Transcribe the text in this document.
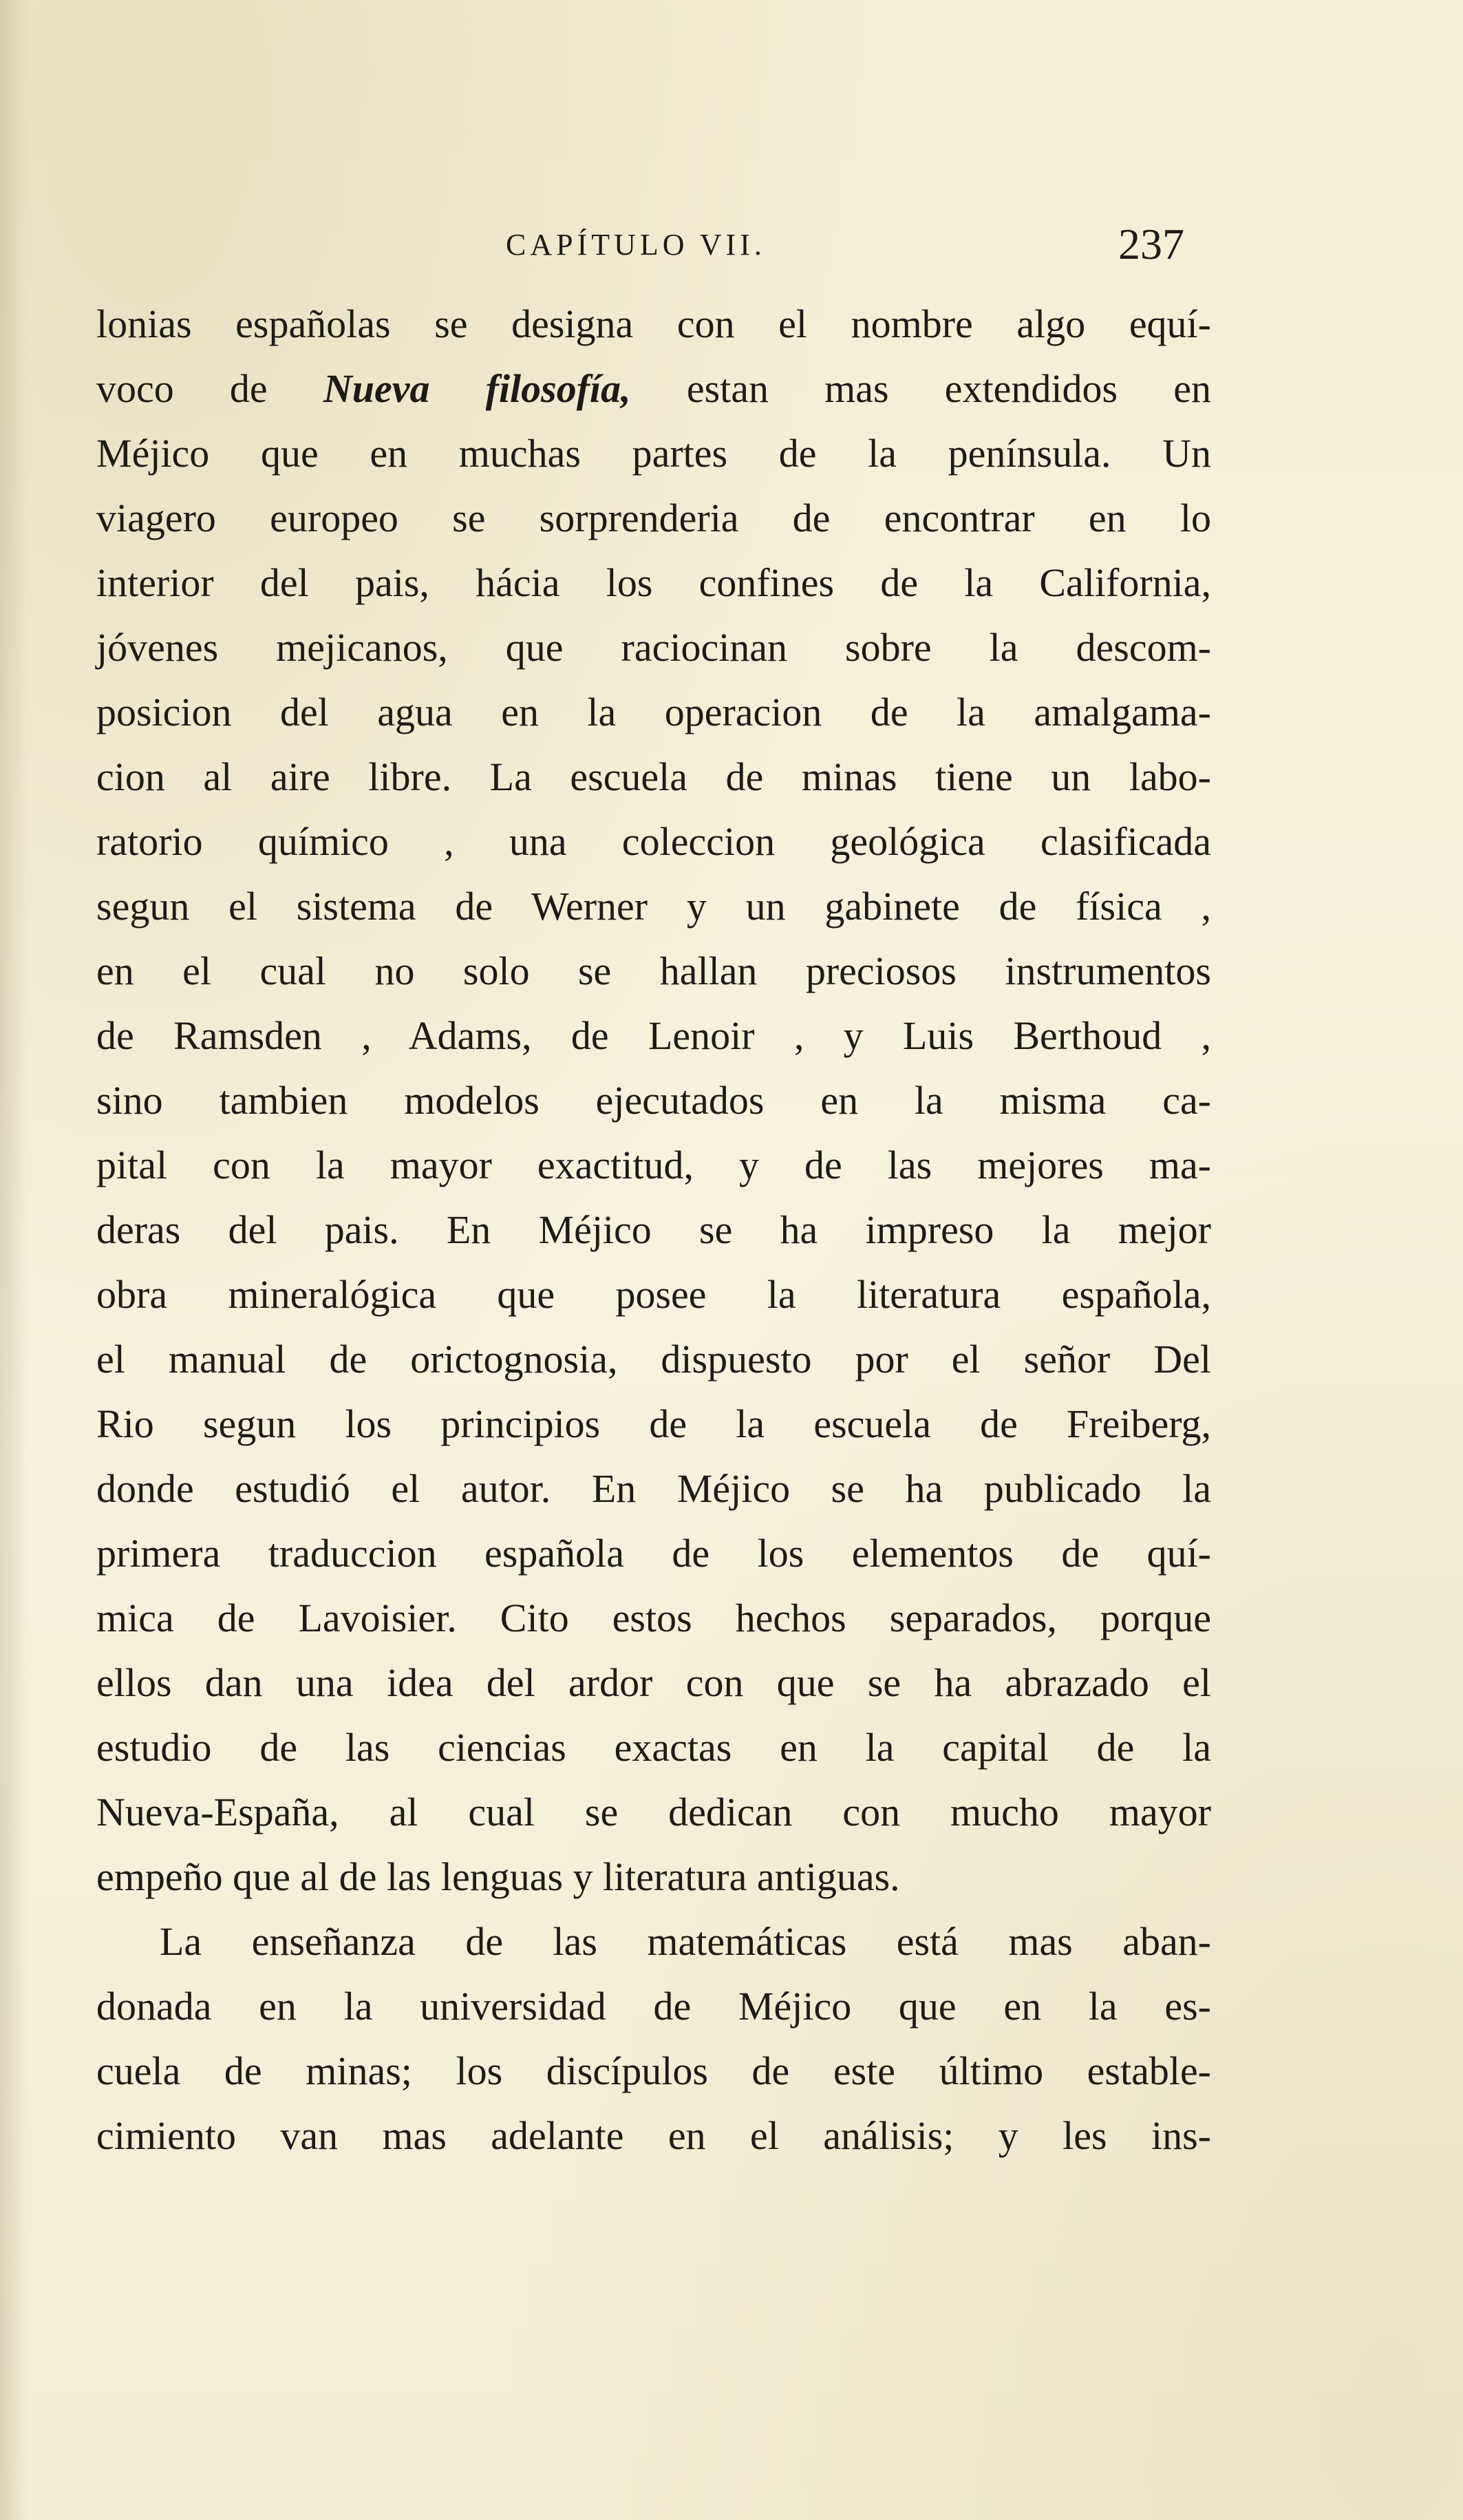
CAPÍTULO VII.	237
lonias españolas se designa con el nombre algo equí-
voco de Nueva filosofía, estan mas extendidos en
Méjico que en muchas partes de la península. Un
viagero europeo se sorprenderia de encontrar en lo
interior del pais, hácia los confines de la California,
jóvenes mejicanos, que raciocinan sobre la descom-
posicion del agua en la operacion de la amalgama-
cion al aire libre. La escuela de minas tiene un labo-
ratorio químico , una coleccion geológica clasificada
segun el sistema de Werner y un gabinete de física ,
en el cual no solo se hallan preciosos instrumentos
de Ramsden , Adams, de Lenoir , y Luis Berthoud ,
sino tambien modelos ejecutados en la misma ca-
pital con la mayor exactitud, y de las mejores ma-
deras del pais. En Méjico se ha impreso la mejor
obra mineralógica que posee la literatura española,
el manual de orictognosia, dispuesto por el señor Del
Rio segun los principios de la escuela de Freiberg,
donde estudió el autor. En Méjico se ha publicado la
primera traduccion española de los elementos de quí-
mica de Lavoisier. Cito estos hechos separados, porque
ellos dan una idea del ardor con que se ha abrazado el
estudio de las ciencias exactas en la capital de la
Nueva-España, al cual se dedican con mucho mayor
empeño que al de las lenguas y literatura antiguas.
La enseñanza de las matemáticas está mas aban-
donada en la universidad de Méjico que en la es-
cuela de minas; los discípulos de este último estable-
cimiento van mas adelante en el análisis; y les ins-
